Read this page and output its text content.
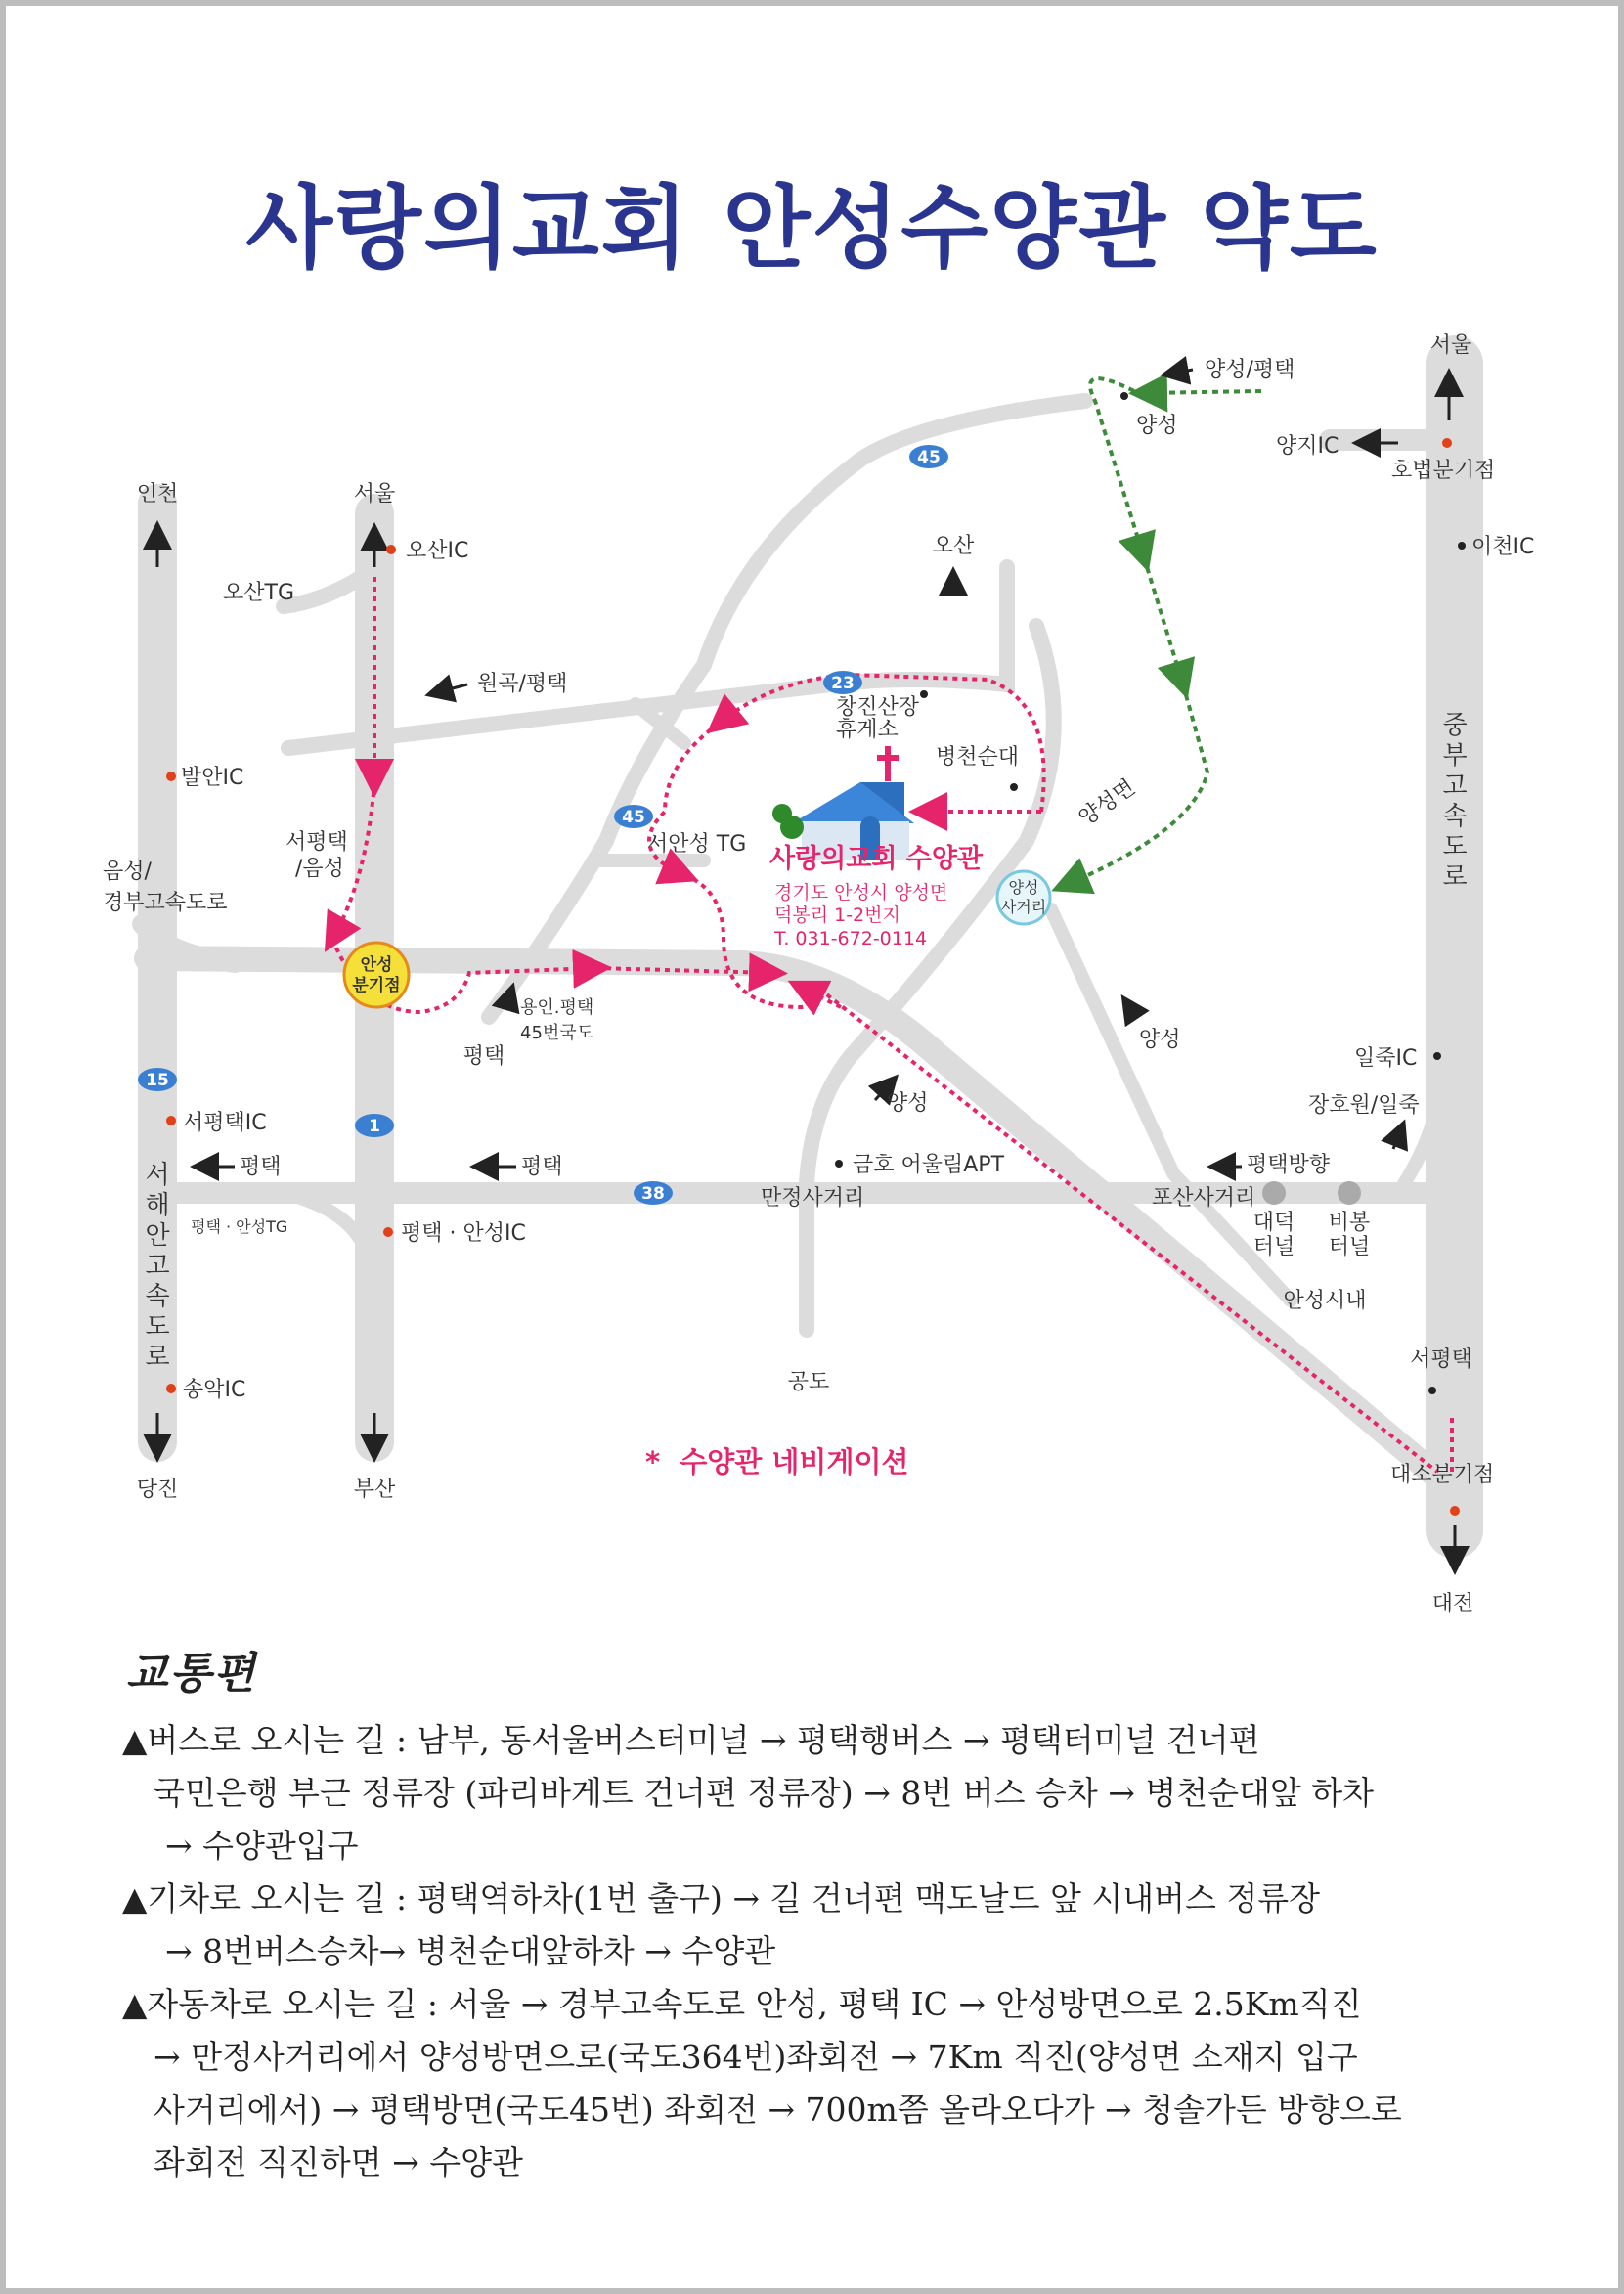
사랑의교회 안성수양관 약도
45
23
45
15
1
38
안성
분기점
양성
사거리
사랑의교회 수양관
경기도 안성시 양성면
덕봉리 1-2번지
T. 031-672-0114
인천	서울
서울
오산
당진	부산
대전
공도
평택
안성시내
서평택
오산IC
오산TG
발안IC
서평택
/음성
음성/
경부고속도로
원곡/평택
창진산장
휴게소
병천순대
서안성 TG
양성면
양성
양성/평택
양지IC
호법분기점
이천IC
용인.평택
45번국도	양성
양성
일죽IC
장호원/일죽
금호 어울림APT
만정사거리
평택방향
포산사거리
대덕
터널
비봉
터널
서평택IC
평택	평택
평택 · 안성TG	평택 · 안성IC
송악IC
대소분기점
서 해 안 고 속 도 로
중 부 고 속 도 로
* 수양관 네비게이션
교통편
▲버스로 오시는 길 : 남부, 동서울버스터미널 → 평택행버스 → 평택터미널 건너편
국민은행 부근 정류장 (파리바게트 건너편 정류장) → 8번 버스 승차 → 병천순대앞 하차
→ 수양관입구
▲기차로 오시는 길 : 평택역하차(1번 출구) → 길 건너편 맥도날드 앞 시내버스 정류장
→ 8번버스승차→ 병천순대앞하차 → 수양관
▲자동차로 오시는 길 : 서울 → 경부고속도로 안성, 평택 IC → 안성방면으로 2.5Km직진
→ 만정사거리에서 양성방면으로(국도364번)좌회전 → 7Km 직진(양성면 소재지 입구
사거리에서) → 평택방면(국도45번) 좌회전 → 700m쯤 올라오다가 → 청솔가든 방향으로
좌회전 직진하면 → 수양관
